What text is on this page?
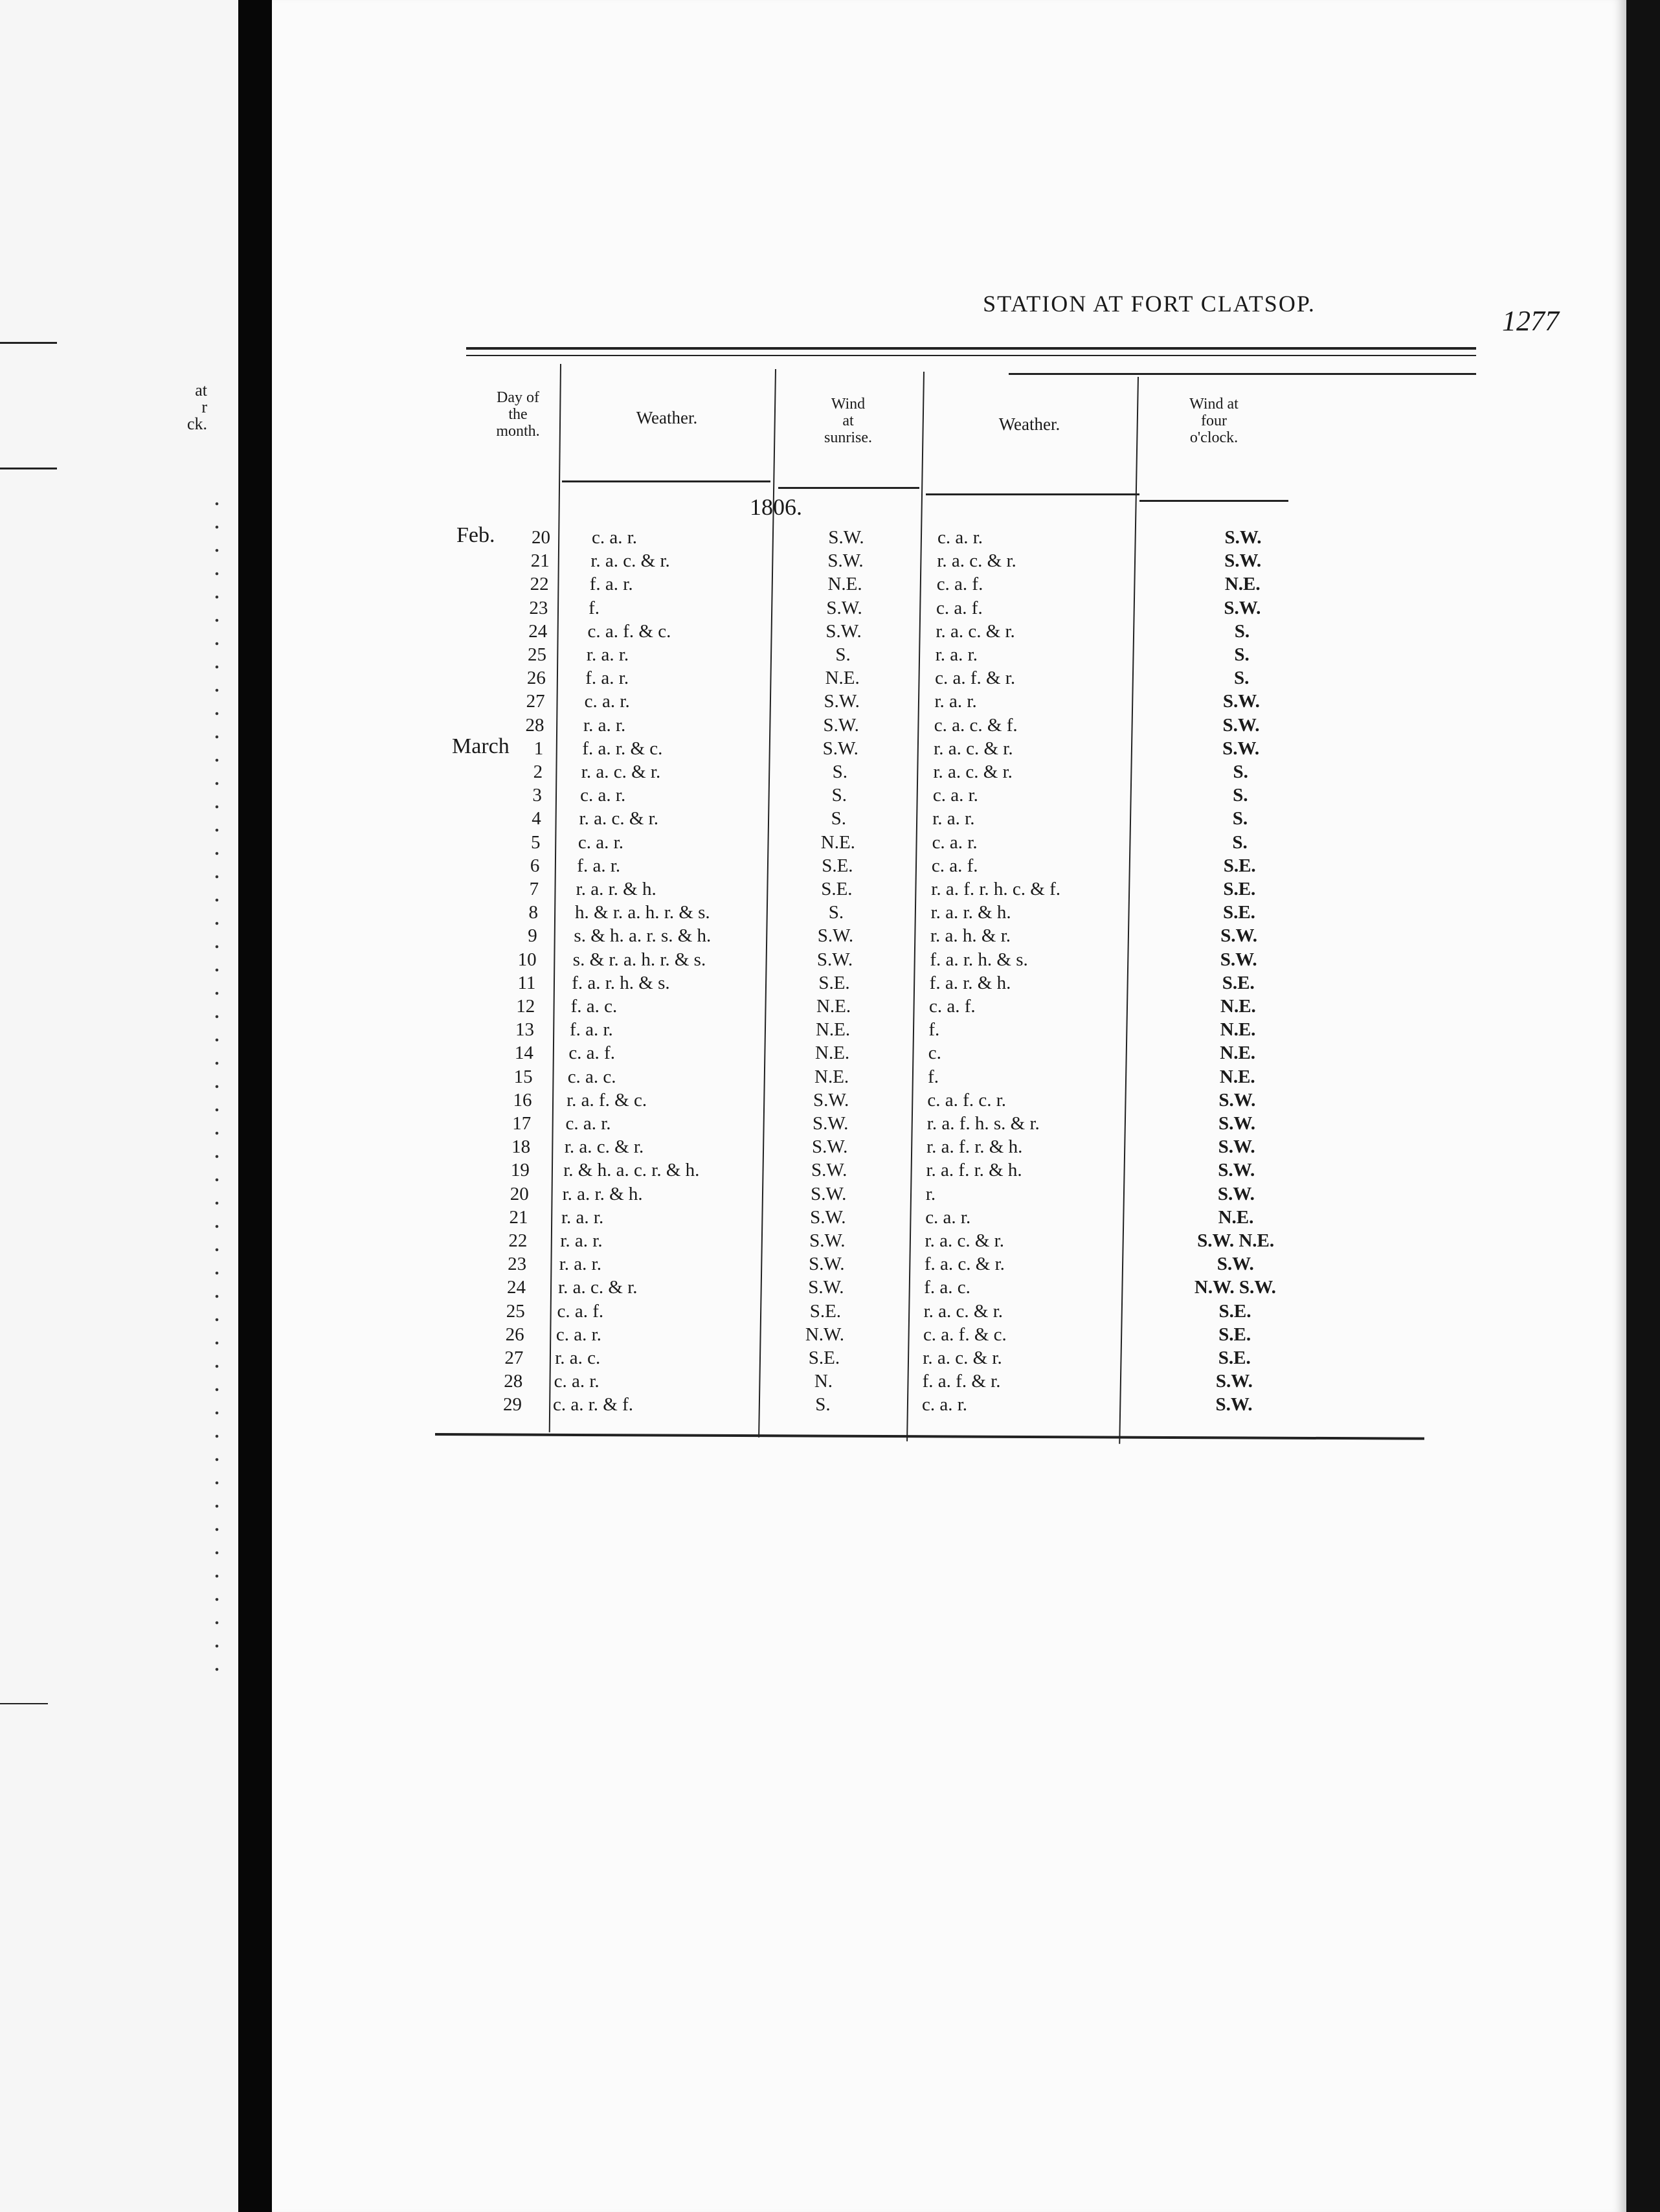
at
r
ck.
STATION AT FORT CLATSOP.
1277
Day of
the
month.
Weather.
Wind
at
sunrise.
Weather.
Wind at
four
o'clock.
1806.
Feb.
March
20 c. a. r.	S.W.	c. a. r.	S.W.
21 r. a. c. & r.	S.W.	r. a. c. & r.	S.W.
22 f. a. r.	N.E.	c. a. f.	N.E.
23 f.	S.W.	c. a. f.	S.W.
24 c. a. f. & c.	S.W.	r. a. c. & r.	S.
25 r. a. r.	S.	r. a. r.	S.
26 f. a. r.	N.E.	c. a. f. & r.	S.
27 c. a. r.	S.W.	r. a. r.	S.W.
28 r. a. r.	S.W.	c. a. c. & f.	S.W.
1 f. a. r. & c.	S.W.	r. a. c. & r.	S.W.
2 r. a. c. & r.	S.	r. a. c. & r.	S.
3 c. a. r.	S.	c. a. r.	S.
4 r. a. c. & r.	S.	r. a. r.	S.
5 c. a. r.	N.E.	c. a. r.	S.
6 f. a. r.	S.E.	c. a. f.	S.E.
7 r. a. r. & h.	S.E.	r. a. f. r. h. c. & f.	S.E.
8 h. & r. a. h. r. & s.	S.	r. a. r. & h.	S.E.
9 s. & h. a. r. s. & h.	S.W.	r. a. h. & r.	S.W.
10 s. & r. a. h. r. & s.	S.W.	f. a. r. h. & s.	S.W.
11 f. a. r. h. & s.	S.E.	f. a. r. & h.	S.E.
12 f. a. c.	N.E.	c. a. f.	N.E.
13 f. a. r.	N.E.	f.	N.E.
14 c. a. f.	N.E.	c.	N.E.
15 c. a. c.	N.E.	f.	N.E.
16 r. a. f. & c.	S.W.	c. a. f. c. r.	S.W.
17 c. a. r.	S.W.	r. a. f. h. s. & r.	S.W.
18 r. a. c. & r.	S.W.	r. a. f. r. & h.	S.W.
19 r. & h. a. c. r. & h.	S.W.	r. a. f. r. & h.	S.W.
20 r. a. r. & h.	S.W.	r.	S.W.
21 r. a. r.	S.W.	c. a. r.	N.E.
22 r. a. r.	S.W.	r. a. c. & r.	S.W. N.E.
23 r. a. r.	S.W.	f. a. c. & r.	S.W.
24 r. a. c. & r.	S.W.	f. a. c.	N.W. S.W.
25 c. a. f.	S.E.	r. a. c. & r.	S.E.
26 c. a. r.	N.W.	c. a. f. & c.	S.E.
27 r. a. c.	S.E.	r. a. c. & r.	S.E.
28 c. a. r.	N.	f. a. f. & r.	S.W.
29 c. a. r. & f.	S.	c. a. r.	S.W.
